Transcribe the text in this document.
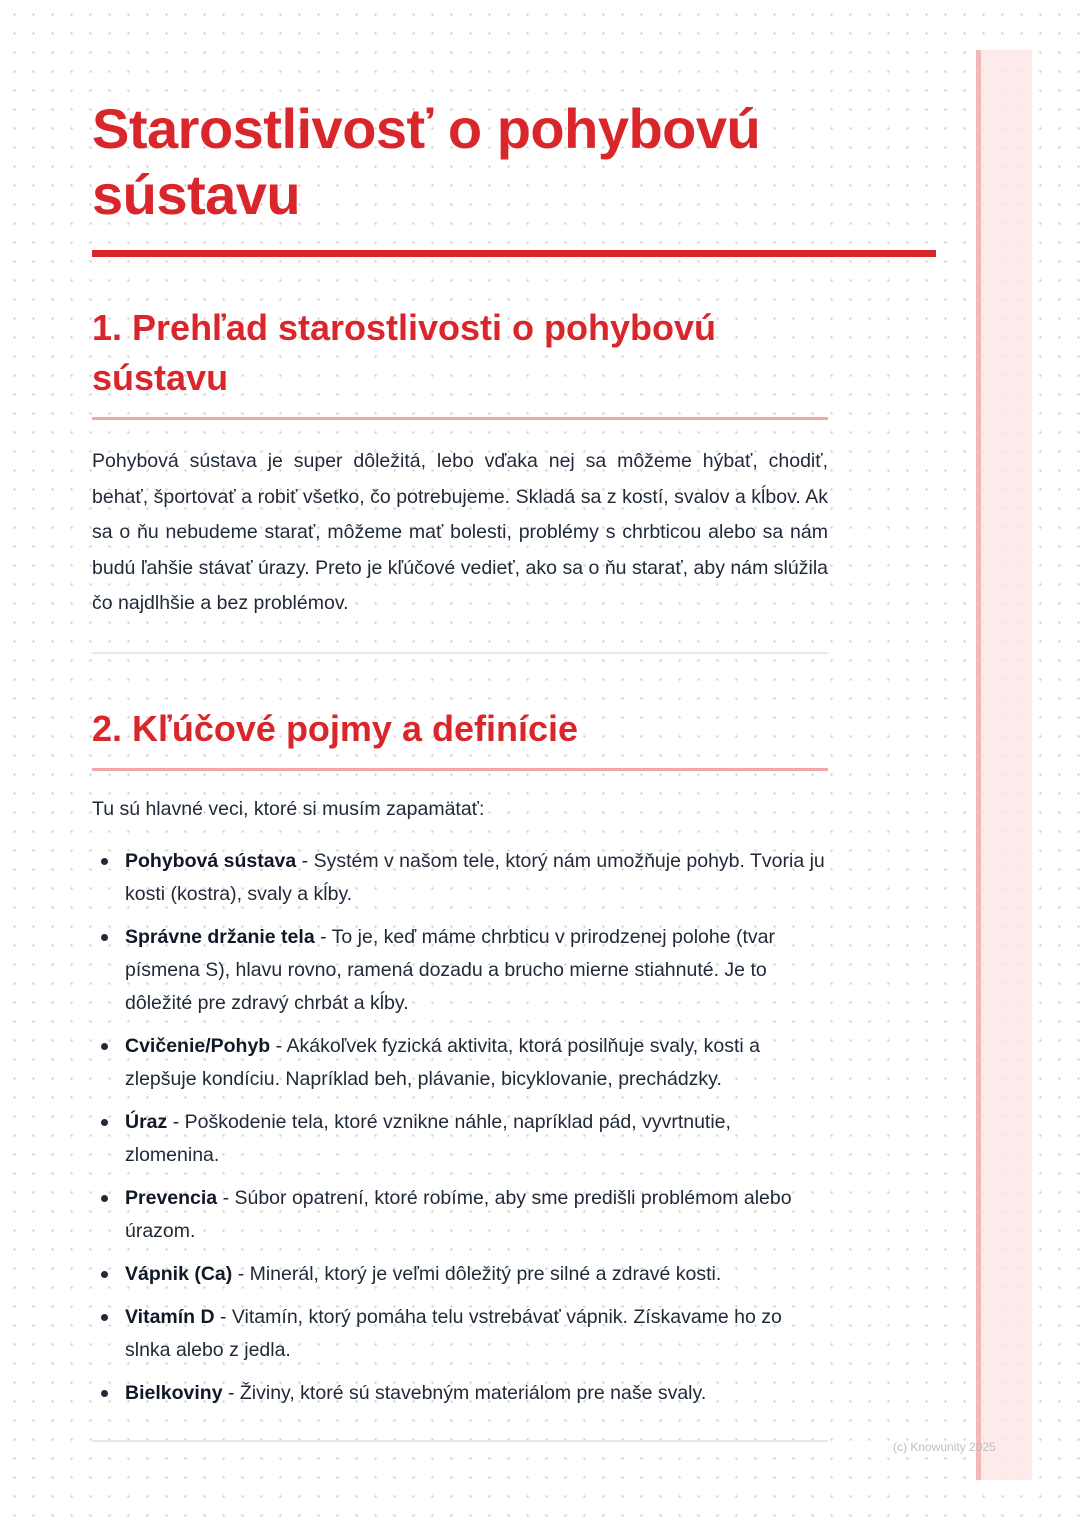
Starostlivosť o pohybovú sústavu
1. Prehľad starostlivosti o pohybovú sústavu

Pohybová sústava je super dôležitá, lebo vďaka nej sa môžeme hýbať, chodiť, behať, športovať a robiť všetko, čo potrebujeme. Skladá sa z kostí, svalov a kĺbov. Ak sa o ňu nebudeme starať, môžeme mať bolesti, problémy s chrbticou alebo sa nám budú ľahšie stávať úrazy. Preto je kľúčové vedieť, ako sa o ňu starať, aby nám slúžila čo najdlhšie a bez problémov.

2. Kľúčové pojmy a definície

Tu sú hlavné veci, ktoré si musím zapamätať:

Pohybová sústava - Systém v našom tele, ktorý nám umožňuje pohyb. Tvoria ju kosti (kostra), svaly a kĺby.
Správne držanie tela - To je, keď máme chrbticu v prirodzenej polohe (tvar písmena S), hlavu rovno, ramená dozadu a brucho mierne stiahnuté. Je to dôležité pre zdravý chrbát a kĺby.
Cvičenie/Pohyb - Akákoľvek fyzická aktivita, ktorá posilňuje svaly, kosti a zlepšuje kondíciu. Napríklad beh, plávanie, bicyklovanie, prechádzky.
Úraz - Poškodenie tela, ktoré vznikne náhle, napríklad pád, vyvrtnutie, zlomenina.
Prevencia - Súbor opatrení, ktoré robíme, aby sme predišli problémom alebo úrazom.
Vápnik (Ca) - Minerál, ktorý je veľmi dôležitý pre silné a zdravé kosti.
Vitamín D - Vitamín, ktorý pomáha telu vstrebávať vápnik. Získavame ho zo slnka alebo z jedla.
Bielkoviny - Živiny, ktoré sú stavebným materiálom pre naše svaly.
(c) Knowunity 2025
